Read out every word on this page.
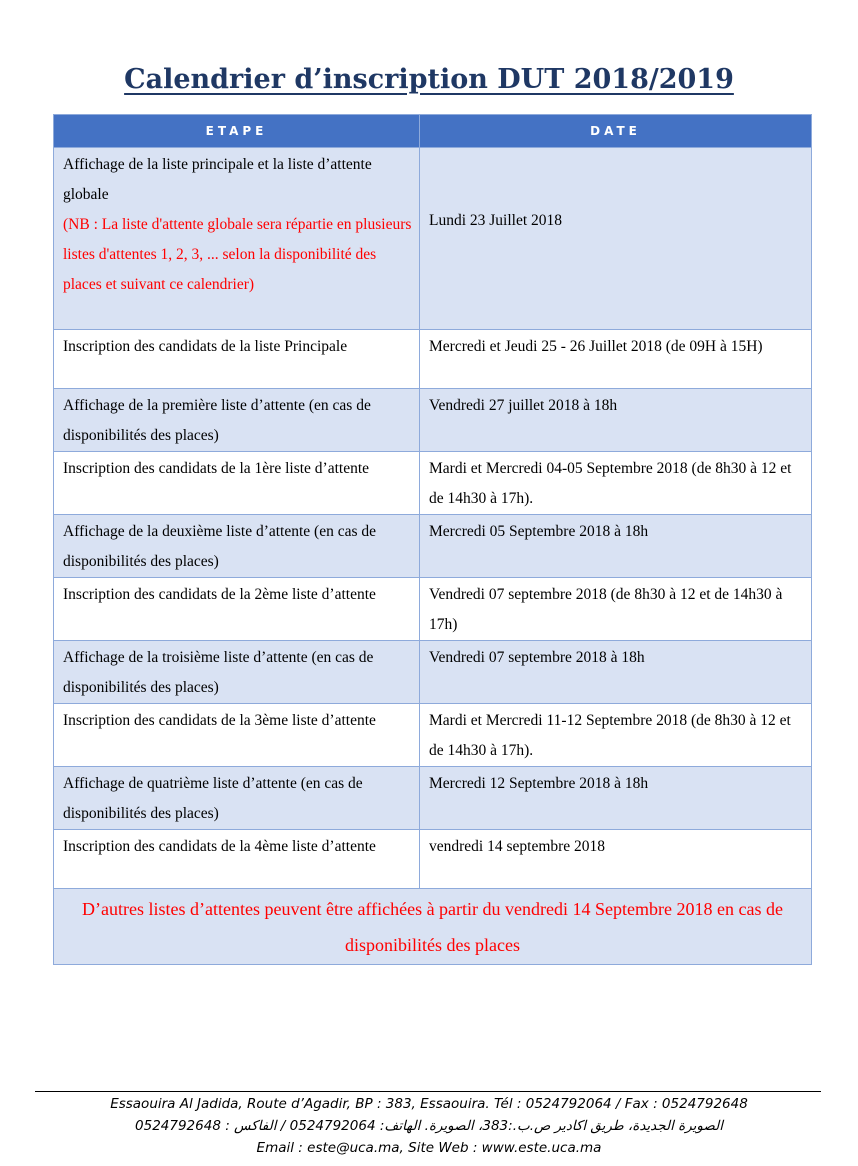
Calendrier d’inscription DUT 2018/2019
ETAPE	DATE
Affichage de la liste principale et la liste d’attente globale
(NB : La liste d'attente globale sera répartie en plusieurs listes d'attentes 1, 2, 3, ... selon la disponibilité des places et suivant ce calendrier)	Lundi 23 Juillet 2018
Inscription des candidats de la liste Principale	Mercredi et Jeudi 25 - 26 Juillet 2018 (de 09H à 15H)
Affichage de la première liste d’attente (en cas de disponibilités des places)	Vendredi 27 juillet 2018 à 18h
Inscription des candidats de la 1ère liste d’attente	Mardi et Mercredi 04-05 Septembre 2018 (de 8h30 à 12 et de 14h30 à 17h).
Affichage de la deuxième liste d’attente (en cas de disponibilités des places)	Mercredi 05 Septembre 2018 à 18h
Inscription des candidats de la 2ème liste d’attente	Vendredi 07 septembre 2018 (de 8h30 à 12 et de 14h30 à 17h)
Affichage de la troisième liste d’attente (en cas de disponibilités des places)	Vendredi 07 septembre 2018 à 18h
Inscription des candidats de la 3ème liste d’attente	Mardi et Mercredi 11-12 Septembre 2018 (de 8h30 à 12 et de 14h30 à 17h).
Affichage de quatrième liste d’attente (en cas de disponibilités des places)	Mercredi 12 Septembre 2018 à 18h
Inscription des candidats de la 4ème liste d’attente	vendredi 14 septembre 2018
D’autres listes d’attentes peuvent être affichées à partir du vendredi 14 Septembre 2018 en cas de disponibilités des places	
Essaouira Al Jadida, Route d’Agadir, BP : 383, Essaouira. Tél : 0524792064 / Fax : 0524792648
الصويرة الجديدة، طريق اكادير ص.ب.:383، الصويرة. الهاتف: 0524792064 / الفاكس : 0524792648
Email : este@uca.ma, Site Web : www.este.uca.ma
